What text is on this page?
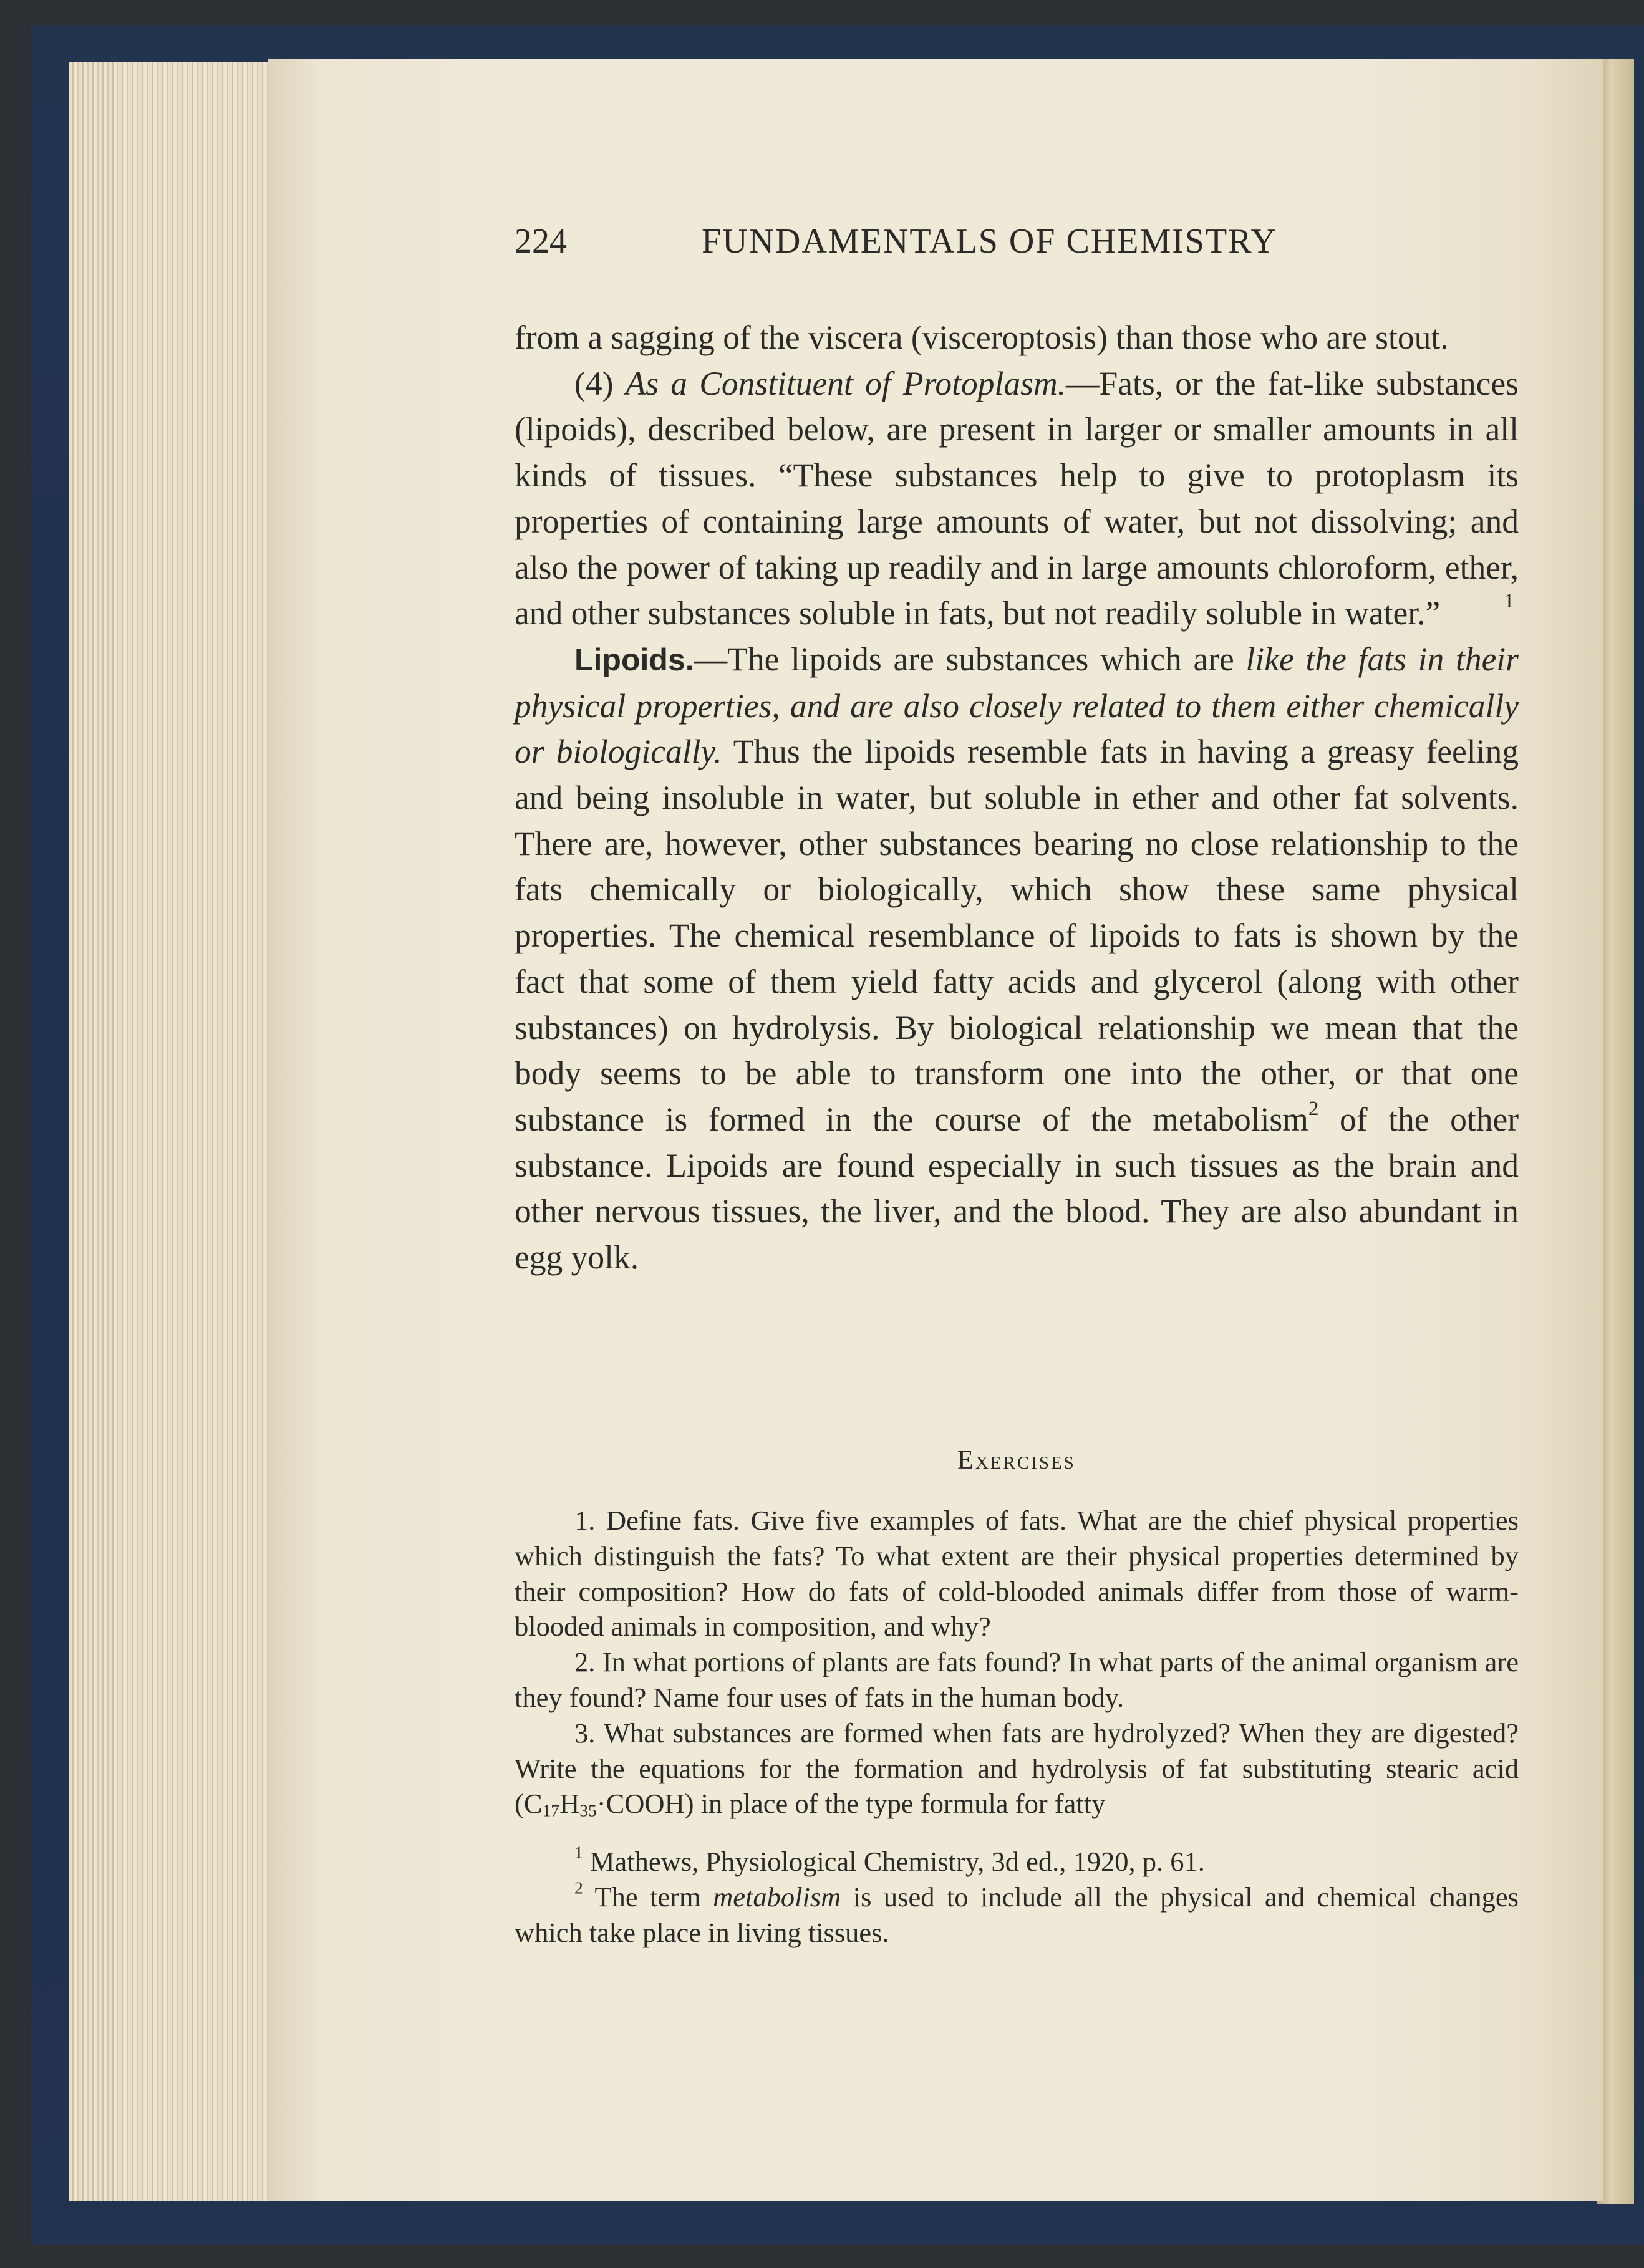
224	FUNDAMENTALS OF CHEMISTRY

from a sagging of the viscera (visceroptosis) than those who are stout.

(4) As a Constituent of Protoplasm.—Fats, or the fat-like substances (lipoids), described below, are present in larger or smaller amounts in all kinds of tissues. “These substances help to give to protoplasm its properties of containing large amounts of water, but not dissolving; and also the power of taking up readily and in large amounts chloroform, ether, and other substances soluble in fats, but not readily soluble in water.”	1

Lipoids.—The lipoids are substances which are like the fats in their physical properties, and are also closely related to them either chemically or biologically. Thus the lipoids resemble fats in having a greasy feeling and being insoluble in water, but soluble in ether and other fat solvents. There are, however, other substances bearing no close relationship to the fats chemically or biologically, which show these same physical properties. The chemical resemblance of lipoids to fats is shown by the fact that some of them yield fatty acids and glycerol (along with other substances) on hydrolysis. By biological relationship we mean that the body seems to be able to transform one into the other, or that one substance is formed in the course of the metabolism$^2$ of the other substance. Lipoids are found especially in such tissues as the brain and other nervous tissues, the liver, and the blood. They are also abundant in egg yolk.

Exercises

1. Define fats. Give five examples of fats. What are the chief physical properties which distinguish the fats? To what extent are their physical properties determined by their composition? How do fats of cold-blooded animals differ from those of warm-blooded animals in composition, and why?

2. In what portions of plants are fats found? In what parts of the animal organism are they found? Name four uses of fats in the human body.

3. What substances are formed when fats are hydrolyzed? When they are digested? Write the equations for the formation and hydrolysis of fat substituting stearic acid $(C_{17}H_{35}\cdot COOH)$ in place of the type formula for fatty

$^1$ Mathews, Physiological Chemistry, 3d ed., 1920, p. 61.

$^2$ The term metabolism is used to include all the physical and chemical changes which take place in living tissues.
